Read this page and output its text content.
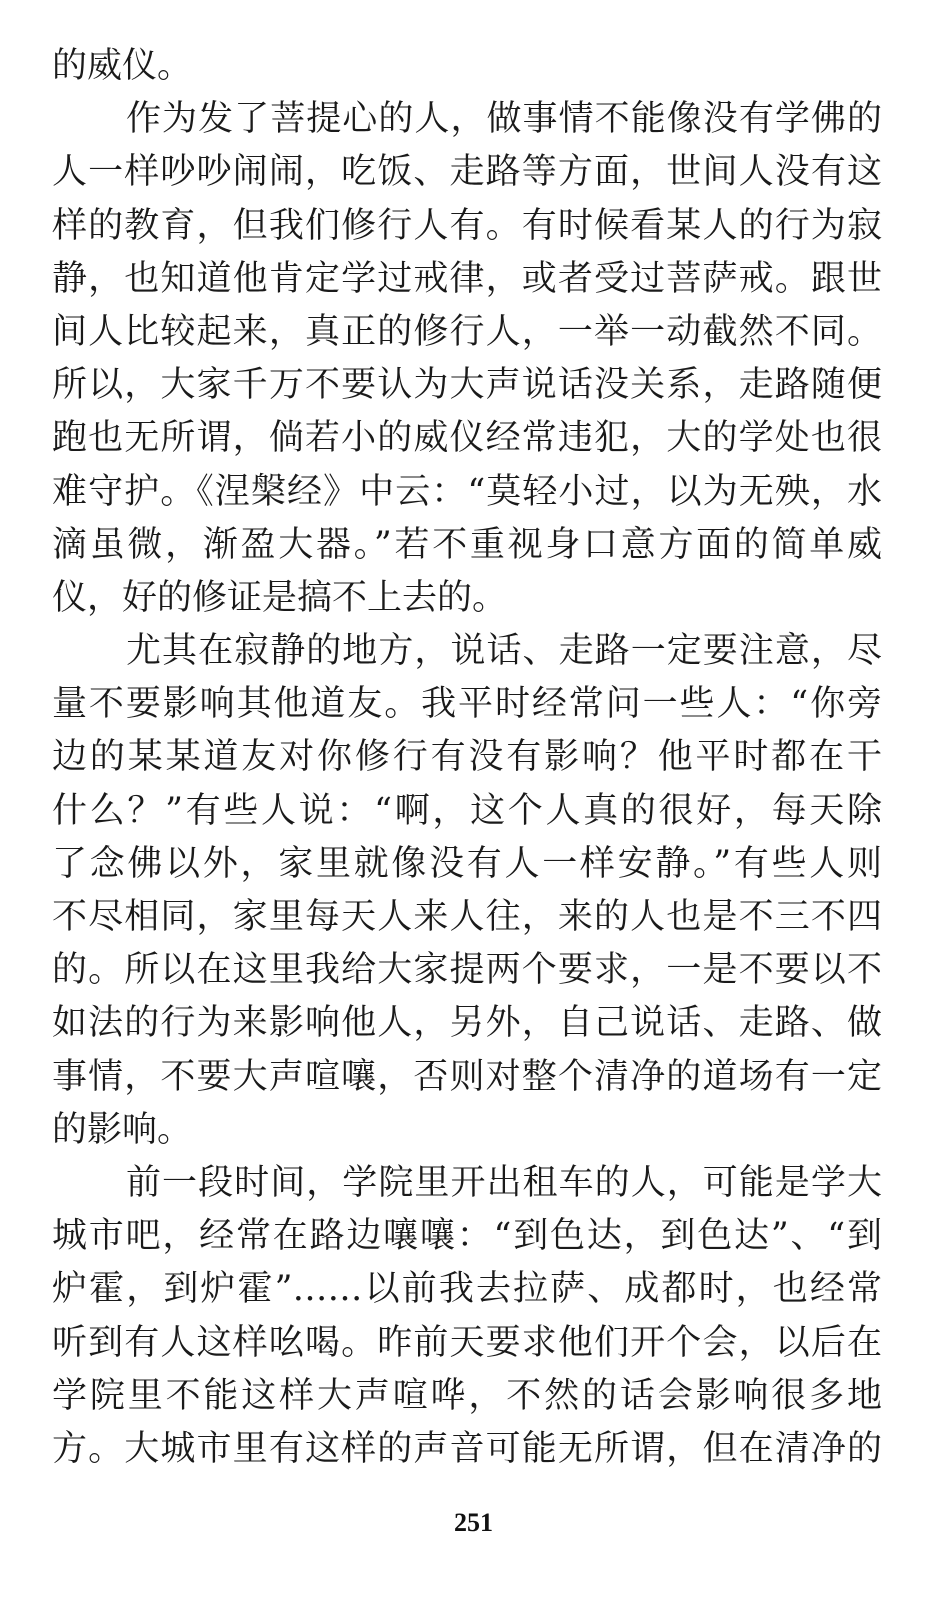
的威仪。
作为发了菩提心的人，做事情不能像没有学佛的
人一样吵吵闹闹，吃饭、走路等方面，世间人没有这
样的教育，但我们修行人有。有时候看某人的行为寂
静，也知道他肯定学过戒律，或者受过菩萨戒。跟世
间人比较起来，真正的修行人，一举一动截然不同。
所以，大家千万不要认为大声说话没关系，走路随便
跑也无所谓，倘若小的威仪经常违犯，大的学处也很
难守护。《涅槃经》中云：“莫轻小过，以为无殃，水
滴虽微，渐盈大器。”若不重视身口意方面的简单威
仪，好的修证是搞不上去的。
尤其在寂静的地方，说话、走路一定要注意，尽
量不要影响其他道友。我平时经常问一些人：“你旁
边的某某道友对你修行有没有影响？他平时都在干
什么？”有些人说：“啊，这个人真的很好，每天除
了念佛以外，家里就像没有人一样安静。”有些人则
不尽相同，家里每天人来人往，来的人也是不三不四
的。所以在这里我给大家提两个要求，一是不要以不
如法的行为来影响他人，另外，自己说话、走路、做
事情，不要大声喧嚷，否则对整个清净的道场有一定
的影响。
前一段时间，学院里开出租车的人，可能是学大
城市吧，经常在路边嚷嚷：“到色达，到色达”、“到
炉霍，到炉霍”……以前我去拉萨、成都时，也经常
听到有人这样吆喝。昨前天要求他们开个会，以后在
学院里不能这样大声喧哗，不然的话会影响很多地
方。大城市里有这样的声音可能无所谓，但在清净的
251
